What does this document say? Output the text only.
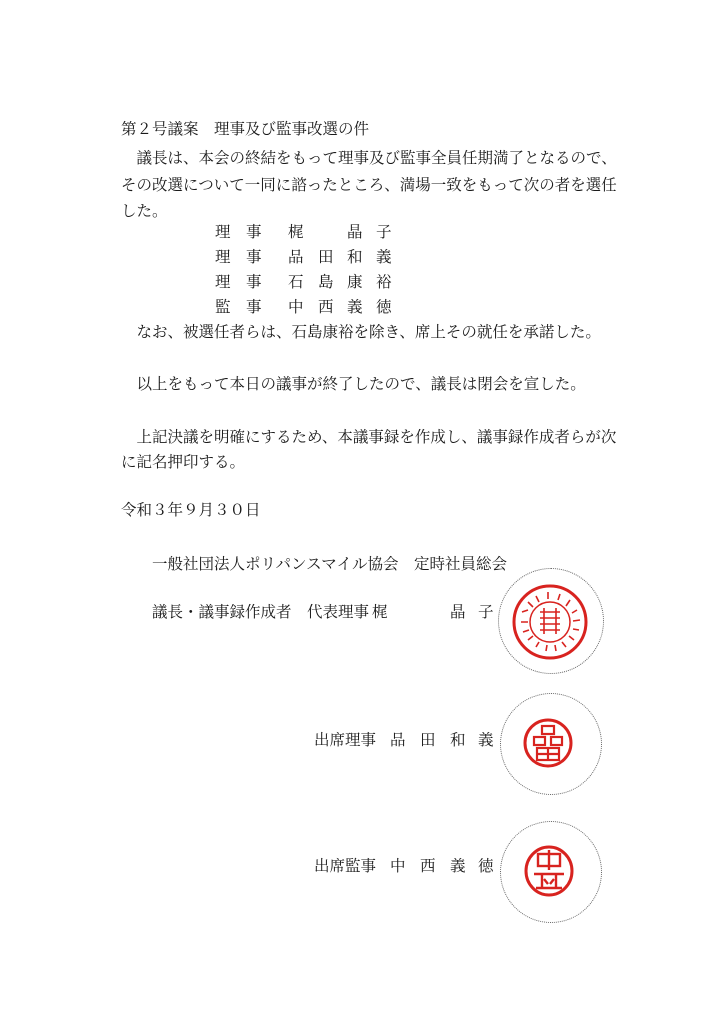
第２号議案　理事及び監事改選の件
　議長は、本会の終結をもって理事及び監事全員任期満了となるので、
その改選について一同に諮ったところ、満場一致をもって次の者を選任
した。
理　事 梶	晶 子
理　事 品 田 和 義
理　事 石 島 康 裕
監　事 中 西 義 徳
　なお、被選任者らは、石島康裕を除き、席上その就任を承諾した。
　以上をもって本日の議事が終了したので、議長は閉会を宣した。
　上記決議を明確にするため、本議事録を作成し、議事録作成者らが次
に記名押印する。
令和３年９月３０日
一般社団法人ポリパンスマイル協会　定時社員総会
議長・議事録作成者　代表理事 梶	晶 子
出席理事 品 田 和 義
出席監事 中 西 義 徳
